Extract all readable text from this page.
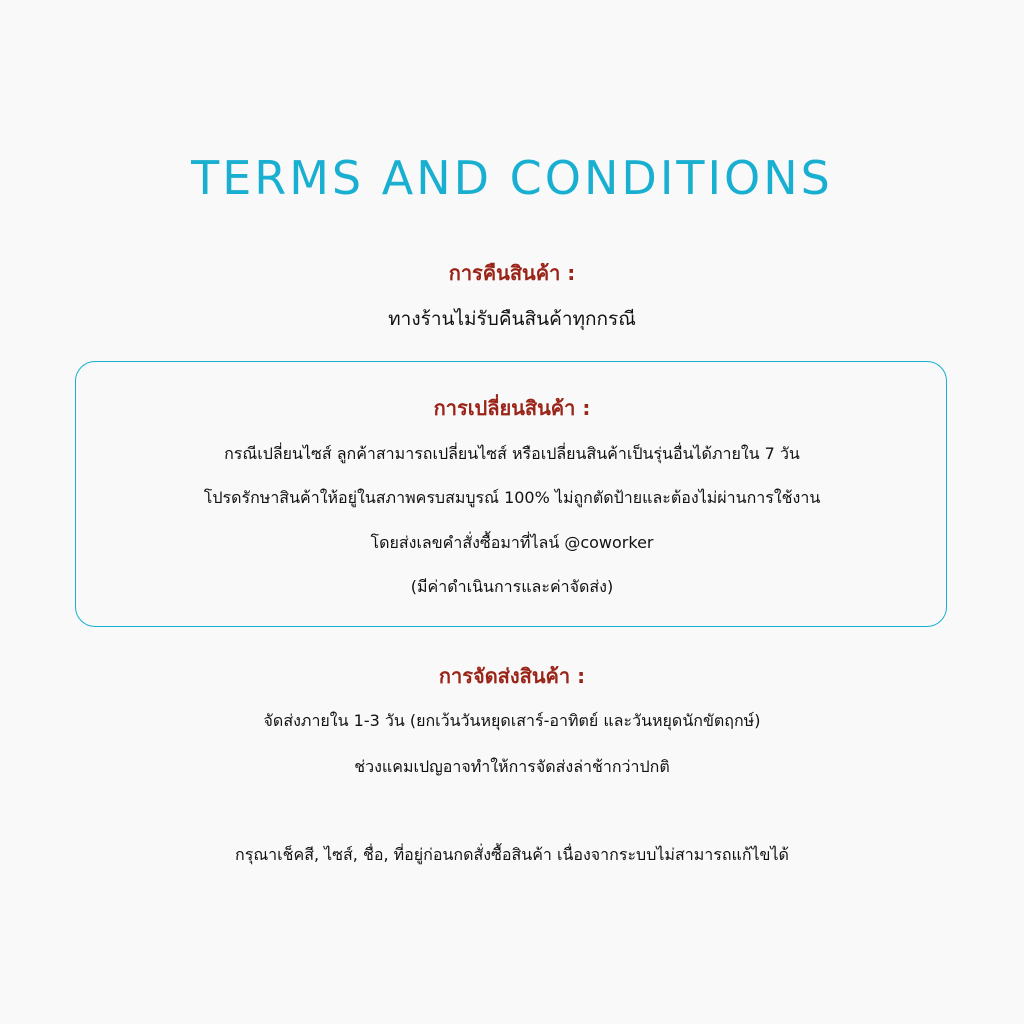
TERMS AND CONDITIONS
การคืนสินค้า :
ทางร้านไม่รับคืนสินค้าทุกกรณี
การเปลี่ยนสินค้า :
กรณีเปลี่ยนไซส์ ลูกค้าสามารถเปลี่ยนไซส์ หรือเปลี่ยนสินค้าเป็นรุ่นอื่นได้ภายใน 7 วัน
โปรดรักษาสินค้าให้อยู่ในสภาพครบสมบูรณ์ 100% ไม่ถูกตัดป้ายและต้องไม่ผ่านการใช้งาน
โดยส่งเลขคำสั่งซื้อมาที่ไลน์ @coworker
(มีค่าดำเนินการและค่าจัดส่ง)
การจัดส่งสินค้า :
จัดส่งภายใน 1-3 วัน (ยกเว้นวันหยุดเสาร์-อาทิตย์ และวันหยุดนักขัตฤกษ์)
ช่วงแคมเปญอาจทำให้การจัดส่งล่าช้ากว่าปกติ
กรุณาเช็คสี, ไซส์, ชื่อ, ที่อยู่ก่อนกดสั่งซื้อสินค้า เนื่องจากระบบไม่สามารถแก้ไขได้
